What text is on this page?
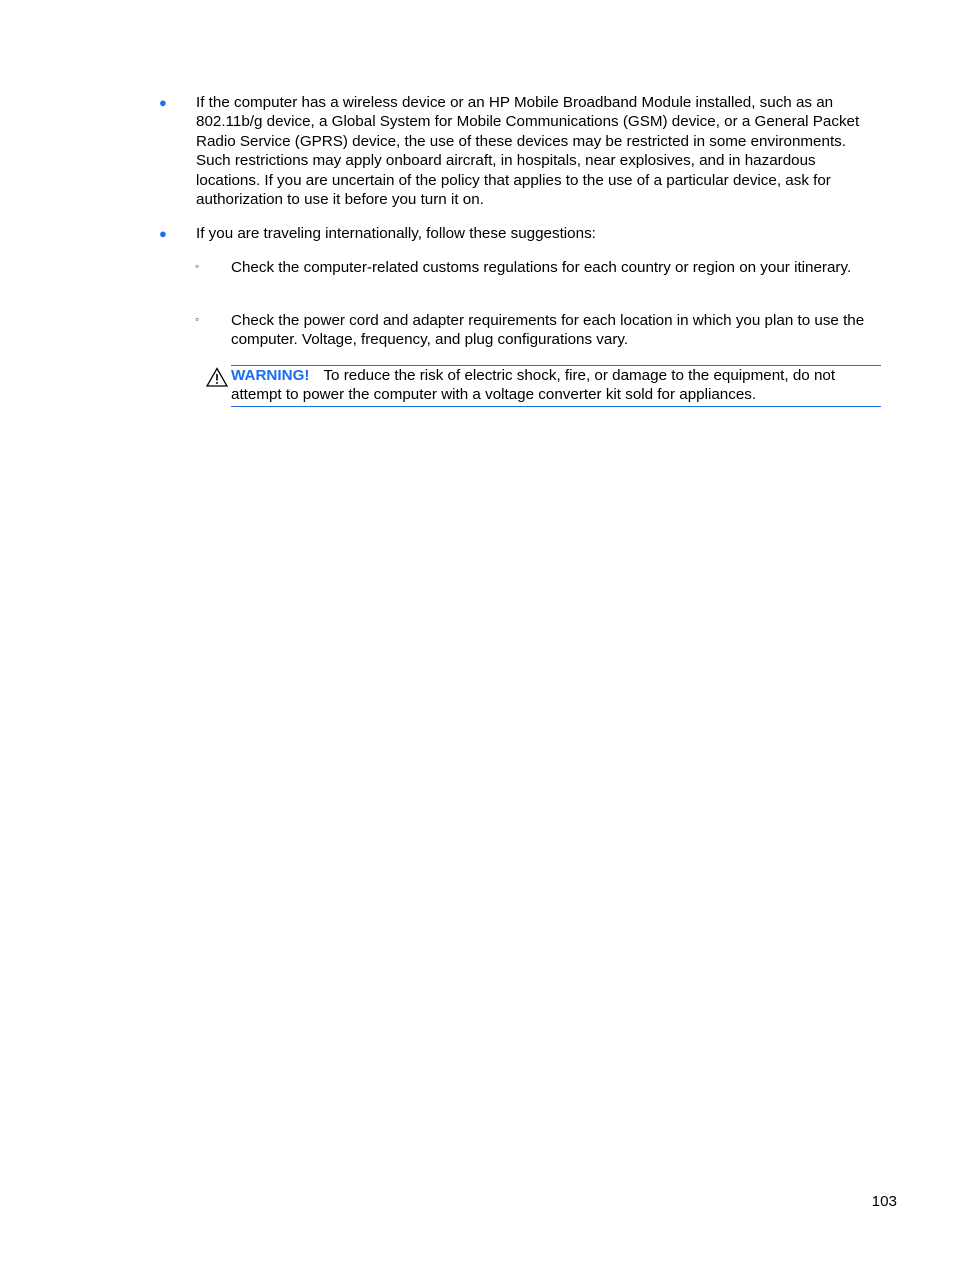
● If the computer has a wireless device or an HP Mobile Broadband Module installed, such as an 802.11b/g device, a Global System for Mobile Communications (GSM) device, or a General Packet Radio Service (GPRS) device, the use of these devices may be restricted in some environments. Such restrictions may apply onboard aircraft, in hospitals, near explosives, and in hazardous locations. If you are uncertain of the policy that applies to the use of a particular device, ask for authorization to use it before you turn it on.
● If you are traveling internationally, follow these suggestions:
◦ Check the computer-related customs regulations for each country or region on your itinerary.
◦ Check the power cord and adapter requirements for each location in which you plan to use the computer. Voltage, frequency, and plug configurations vary.
WARNING! To reduce the risk of electric shock, fire, or damage to the equipment, do not attempt to power the computer with a voltage converter kit sold for appliances.
103
